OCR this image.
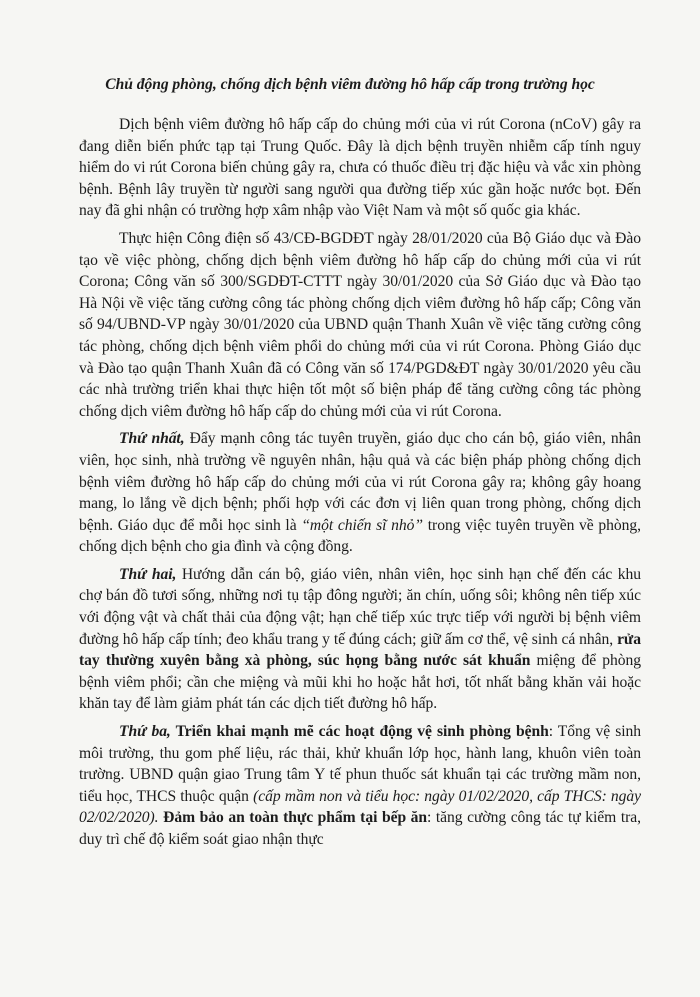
Chủ động phòng, chống dịch bệnh viêm đường hô hấp cấp trong trường học

Dịch bệnh viêm đường hô hấp cấp do chủng mới của vi rút Corona (nCoV) gây ra đang diễn biến phức tạp tại Trung Quốc. Đây là dịch bệnh truyền nhiễm cấp tính nguy hiểm do vi rút Corona biến chủng gây ra, chưa có thuốc điều trị đặc hiệu và vắc xin phòng bệnh. Bệnh lây truyền từ người sang người qua đường tiếp xúc gần hoặc nước bọt. Đến nay đã ghi nhận có trường hợp xâm nhập vào Việt Nam và một số quốc gia khác.

Thực hiện Công điện số 43/CĐ-BGDĐT ngày 28/01/2020 của Bộ Giáo dục và Đào tạo về việc phòng, chống dịch bệnh viêm đường hô hấp cấp do chủng mới của vi rút Corona; Công văn số 300/SGDĐT-CTTT ngày 30/01/2020 của Sở Giáo dục và Đào tạo Hà Nội về việc tăng cường công tác phòng chống dịch viêm đường hô hấp cấp; Công văn số 94/UBND-VP ngày 30/01/2020 của UBND quận Thanh Xuân về việc tăng cường công tác phòng, chống dịch bệnh viêm phổi do chủng mới của vi rút Corona. Phòng Giáo dục và Đào tạo quận Thanh Xuân đã có Công văn số 174/PGD&ĐT ngày 30/01/2020 yêu cầu các nhà trường triển khai thực hiện tốt một số biện pháp để tăng cường công tác phòng chống dịch viêm đường hô hấp cấp do chủng mới của vi rút Corona.

Thứ nhất, Đẩy mạnh công tác tuyên truyền, giáo dục cho cán bộ, giáo viên, nhân viên, học sinh, nhà trường về nguyên nhân, hậu quả và các biện pháp phòng chống dịch bệnh viêm đường hô hấp cấp do chủng mới của vi rút Corona gây ra; không gây hoang mang, lo lắng về dịch bệnh; phối hợp với các đơn vị liên quan trong phòng, chống dịch bệnh. Giáo dục để mỗi học sinh là “một chiến sĩ nhỏ” trong việc tuyên truyền về phòng, chống dịch bệnh cho gia đình và cộng đồng.

Thứ hai, Hướng dẫn cán bộ, giáo viên, nhân viên, học sinh hạn chế đến các khu chợ bán đồ tươi sống, những nơi tụ tập đông người; ăn chín, uống sôi; không nên tiếp xúc với động vật và chất thải của động vật; hạn chế tiếp xúc trực tiếp với người bị bệnh viêm đường hô hấp cấp tính; đeo khẩu trang y tế đúng cách; giữ ấm cơ thể, vệ sinh cá nhân, rửa tay thường xuyên bằng xà phòng, súc họng bằng nước sát khuẩn miệng để phòng bệnh viêm phổi; cần che miệng và mũi khi ho hoặc hắt hơi, tốt nhất bằng khăn vải hoặc khăn tay để làm giảm phát tán các dịch tiết đường hô hấp.

Thứ ba, Triển khai mạnh mẽ các hoạt động vệ sinh phòng bệnh: Tổng vệ sinh môi trường, thu gom phế liệu, rác thải, khử khuẩn lớp học, hành lang, khuôn viên toàn trường. UBND quận giao Trung tâm Y tế phun thuốc sát khuẩn tại các trường mầm non, tiểu học, THCS thuộc quận (cấp mầm non và tiểu học: ngày 01/02/2020, cấp THCS: ngày 02/02/2020). Đảm bảo an toàn thực phẩm tại bếp ăn: tăng cường công tác tự kiểm tra, duy trì chế độ kiểm soát giao nhận thực
